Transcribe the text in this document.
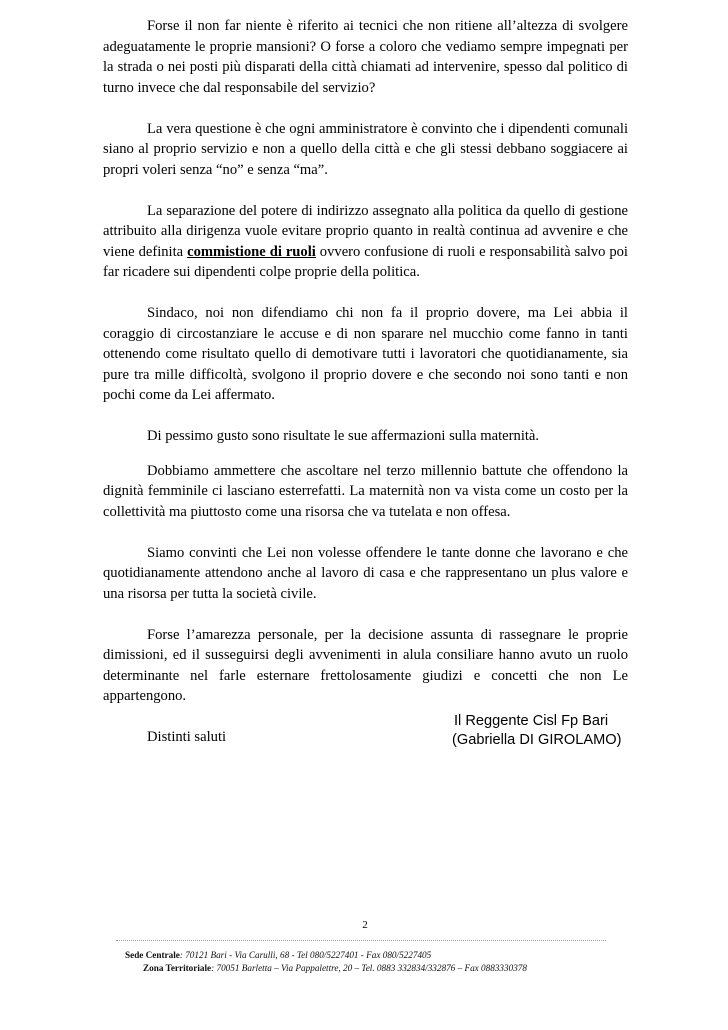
Forse il non far niente è riferito ai tecnici che non ritiene all’altezza di svolgere adeguatamente le proprie mansioni? O forse a coloro che vediamo sempre impegnati per la strada o nei posti più disparati della città chiamati ad intervenire, spesso dal politico di turno invece che dal responsabile del servizio?

La vera questione è che ogni amministratore è convinto che i dipendenti comunali siano al proprio servizio e non a quello della città e che gli stessi debbano soggiacere ai propri voleri senza “no” e senza “ma”.

La separazione del potere di indirizzo assegnato alla politica da quello di gestione attribuito alla dirigenza vuole evitare proprio quanto in realtà continua ad avvenire e che viene definita commistione di ruoli ovvero confusione di ruoli e responsabilità salvo poi far ricadere sui dipendenti colpe proprie della politica.

Sindaco, noi non difendiamo chi non fa il proprio dovere, ma Lei abbia il coraggio di circostanziare le accuse e di non sparare nel mucchio come fanno in tanti ottenendo come risultato quello di demotivare tutti i lavoratori che quotidianamente, sia pure tra mille difficoltà, svolgono il proprio dovere e che secondo noi sono tanti e non pochi come da Lei affermato.

Di pessimo gusto sono risultate le sue affermazioni sulla maternità.

Dobbiamo ammettere che ascoltare nel terzo millennio battute che offendono la dignità femminile ci lasciano esterrefatti. La maternità non va vista come un costo per la collettività ma piuttosto come una risorsa che va tutelata e non offesa.

Siamo convinti che Lei non volesse offendere le tante donne che lavorano e che quotidianamente attendono anche al lavoro di casa e che rappresentano un plus valore e una risorsa per tutta la società civile.

Forse l’amarezza personale, per la decisione assunta di rassegnare le proprie dimissioni, ed il susseguirsi degli avvenimenti in alula consiliare hanno avuto un ruolo determinante nel farle esternare frettolosamente giudizi e concetti che non Le appartengono.

Distinti saluti

Il Reggente Cisl Fp Bari
(Gabriella DI GIROLAMO)
2
Sede Centrale: 70121 Bari - Via Carulli, 68 - Tel 080/5227401 - Fax 080/5227405
Zona Territoriale: 70051 Barletta – Via Pappalettre, 20 – Tel. 0883 332834/332876 – Fax 0883330378
